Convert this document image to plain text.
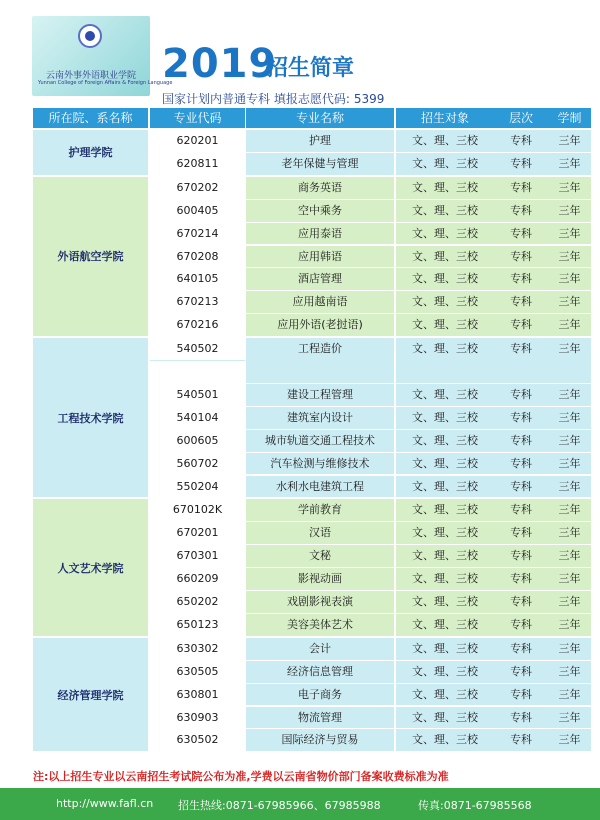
云南外事外语职业学院
Yunnan College of Foreign Affairs & Foreign Language
2019
招生简章
国家计划内普通专科 填报志愿代码: 5399
所在院、系名称	专业代码	专业名称	招生对象	层次	学制
护理学院
620201	护理	文、理、三校	专科	三年
620811	老年保健与管理	文、理、三校	专科	三年
外语航空学院
670202	商务英语	文、理、三校	专科	三年
600405	空中乘务	文、理、三校	专科	三年
670214	应用泰语	文、理、三校	专科	三年
670208	应用韩语	文、理、三校	专科	三年
640105	酒店管理	文、理、三校	专科	三年
670213	应用越南语	文、理、三校	专科	三年
670216	应用外语(老挝语)	文、理、三校	专科	三年
工程技术学院
540502	工程造价	文、理、三校	专科	三年
540501	建设工程管理	文、理、三校	专科	三年
540104	建筑室内设计	文、理、三校	专科	三年
600605	城市轨道交通工程技术	文、理、三校	专科	三年
560702	汽车检测与维修技术	文、理、三校	专科	三年
550204	水利水电建筑工程	文、理、三校	专科	三年
人文艺术学院
670102K	学前教育	文、理、三校	专科	三年
670201	汉语	文、理、三校	专科	三年
670301	文秘	文、理、三校	专科	三年
660209	影视动画	文、理、三校	专科	三年
650202	戏剧影视表演	文、理、三校	专科	三年
650123	美容美体艺术	文、理、三校	专科	三年
经济管理学院
630302	会计	文、理、三校	专科	三年
630505	经济信息管理	文、理、三校	专科	三年
630801	电子商务	文、理、三校	专科	三年
630903	物流管理	文、理、三校	专科	三年
630502	国际经济与贸易	文、理、三校	专科	三年
注:以上招生专业以云南招生考试院公布为准,学费以云南省物价部门备案收费标准为准
http://www.fafl.cn 招生热线:0871-67985966、67985988	传真:0871-67985568
